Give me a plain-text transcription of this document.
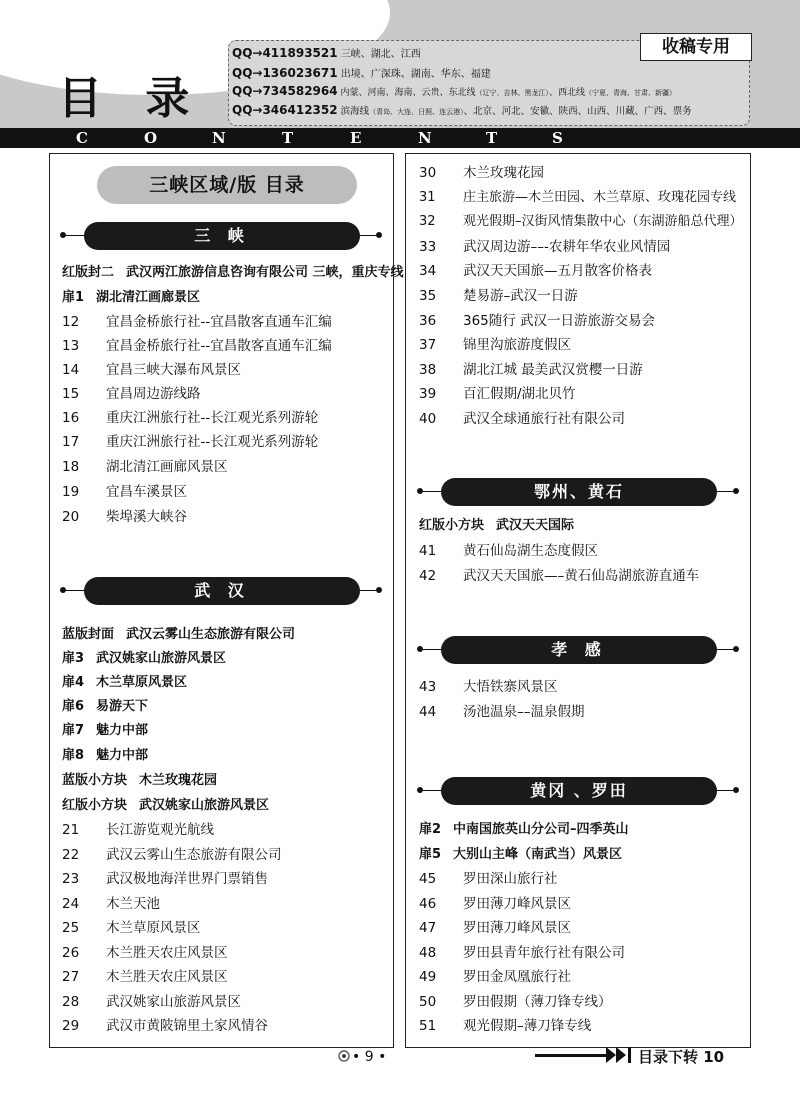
目 录
收稿专用
QQ→411893521 三峡、湖北、江西
QQ→136023671 出境、广深珠、湖南、华东、福建
QQ→734582964 内蒙、河南、海南、云贵、东北线（辽宁、吉林、黑龙江）、西北线（宁夏、青海、甘肃、新疆）
QQ→346412352 滨海线（青岛、大连、日照、连云港）、北京、河北、安徽、陕西、山西、川藏、广西、票务
C	O	N	T	E	N	T	S
三峡区域/版 目录
三 峡
武 汉
鄂州、黄石
孝 感
黄冈 、罗田
红版封二 武汉两江旅游信息咨询有限公司 三峡，重庆专线
扉1 湖北清江画廊景区
12 宜昌金桥旅行社--宜昌散客直通车汇编
13 宜昌金桥旅行社--宜昌散客直通车汇编
14 宜昌三峡大瀑布风景区
15 宜昌周边游线路
16 重庆江洲旅行社--长江观光系列游轮
17 重庆江洲旅行社--长江观光系列游轮
18 湖北清江画廊风景区
19 宜昌车溪景区
20 柴埠溪大峡谷
蓝版封面 武汉云雾山生态旅游有限公司
扉3 武汉姚家山旅游风景区
扉4 木兰草原风景区
扉6 易游天下
扉7 魅力中部
扉8 魅力中部
蓝版小方块 木兰玫瑰花园
红版小方块 武汉姚家山旅游风景区
21 长江游览观光航线
22 武汉云雾山生态旅游有限公司
23 武汉极地海洋世界门票销售
24 木兰天池
25 木兰草原风景区
26 木兰胜天农庄风景区
27 木兰胜天农庄风景区
28 武汉姚家山旅游风景区
29 武汉市黄陂锦里土家风情谷
30 木兰玫瑰花园
31 庄主旅游—木兰田园、木兰草原、玫瑰花园专线
32 观光假期–汉街风情集散中心（东湖游船总代理）
33 武汉周边游––-农耕年华农业风情园
34 武汉天天国旅—五月散客价格表
35 楚易游–武汉一日游
36 365随行 武汉一日游旅游交易会
37 锦里沟旅游度假区
38 湖北江城 最美武汉赏樱一日游
39 百汇假期/湖北贝竹
40 武汉全球通旅行社有限公司
红版小方块 武汉天天国际
41 黄石仙岛湖生态度假区
42 武汉天天国旅—–黄石仙岛湖旅游直通车
43 大悟铁寨风景区
44 汤池温泉––温泉假期
扉2 中南国旅英山分公司–四季英山
扉5 大别山主峰（南武当）风景区
45 罗田深山旅行社
46 罗田薄刀峰风景区
47 罗田薄刀峰风景区
48 罗田县青年旅行社有限公司
49 罗田金凤凰旅行社
50 罗田假期（薄刀锋专线）
51 观光假期–薄刀锋专线
• 9 •	目录下转 10
